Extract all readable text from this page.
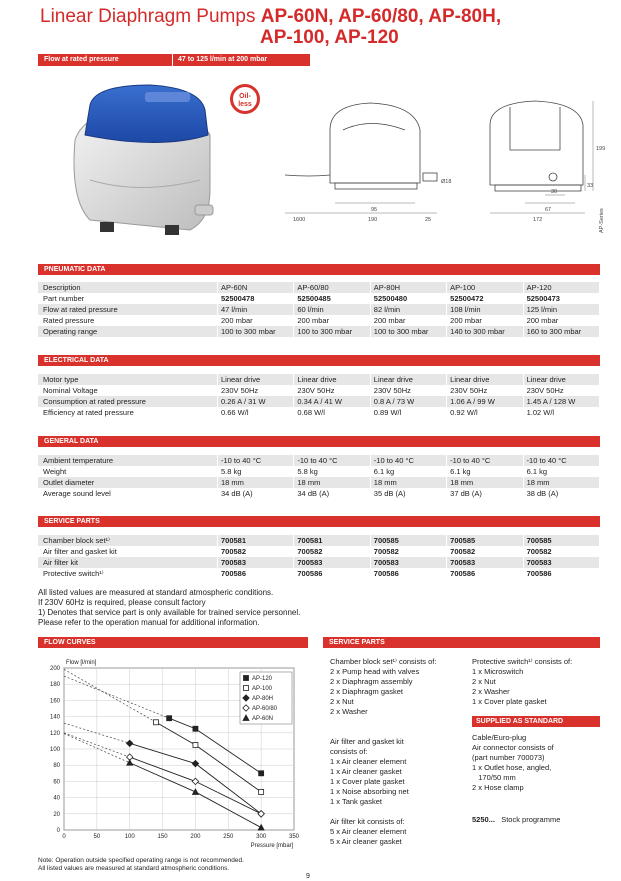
Linear Diaphragm Pumps AP-60N, AP-60/80, AP-80H,
AP-100, AP-120
Flow at rated pressure	47 to 125 l/min at 200 mbar
Oil-
less
1600	190	25
95
Ø18
172
67
30
33
199
AP-Series
PNEUMATIC DATA
Description	AP-60N	AP-60/80	AP-80H	AP-100	AP-120
Part number	52500478	52500485	52500480	52500472	52500473
Flow at rated pressure	47 l/min	60 l/min	82 l/min	108 l/min	125 l/min
Rated pressure	200 mbar	200 mbar	200 mbar	200 mbar	200 mbar
Operating range	100 to 300 mbar	100 to 300 mbar	100 to 300 mbar	140 to 300 mbar	160 to 300 mbar
ELECTRICAL DATA
Motor type	Linear drive	Linear drive	Linear drive	Linear drive	Linear drive
Nominal Voltage	230V 50Hz	230V 50Hz	230V 50Hz	230V 50Hz	230V 50Hz
Consumption at rated pressure	0.26 A / 31 W	0.34 A / 41 W	0.8 A / 73 W	1.06 A / 99 W	1.45 A / 128 W
Efficiency at rated pressure	0.66 W/l	0.68 W/l	0.89 W/l	0.92 W/l	1.02 W/l
GENERAL DATA
Ambient temperature	-10 to 40 °C	-10 to 40 °C	-10 to 40 °C	-10 to 40 °C	-10 to 40 °C
Weight	5.8 kg	5.8 kg	6.1 kg	6.1 kg	6.1 kg
Outlet diameter	18 mm	18 mm	18 mm	18 mm	18 mm
Average sound level	34 dB (A)	34 dB (A)	35 dB (A)	37 dB (A)	38 dB (A)
SERVICE PARTS
Chamber block set¹⁾	700581	700581	700585	700585	700585
Air filter and gasket kit	700582	700582	700582	700582	700582
Air filter kit	700583	700583	700583	700583	700583
Protective switch¹⁾	700586	700586	700586	700586	700586
All listed values are measured at standard atmospheric conditions.
If 230V 60Hz is required, please consult factory
1) Denotes that service part is only available for trained service personnel.
Please refer to the operation manual for additional information.
FLOW CURVES
0	50	100	150	200	250	300	350
0
20
40
60
80
100
120
140
160
180
200
Flow [l/min]
Pressure [mbar]
AP-120
AP-100
AP-80H
AP-60/80
AP-60N
SERVICE PARTS
Chamber block set¹⁾ consists of:
2 x Pump head with valves
2 x Diaphragm assembly
2 x Diaphragm gasket
2 x Nut
2 x Washer

Air filter and gasket kit
consists of:
1 x Air cleaner element
1 x Air cleaner gasket
1 x Cover plate gasket
1 x Noise absorbing net
1 x Tank gasket

Air filter kit consists of:
5 x Air cleaner element
5 x Air cleaner gasket
Protective switch¹⁾ consists of:
1 x Microswitch
2 x Nut
2 x Washer
1 x Cover plate gasket
SUPPLIED AS STANDARD
Cable/Euro-plug
Air connector consists of
(part number 700073)
1 x Outlet hose, angled,
170/50 mm
2 x Hose clamp
5250... Stock programme
Note: Operation outside specified operating range is not recommended.
All listed values are measured at standard atmospheric conditions.
9
